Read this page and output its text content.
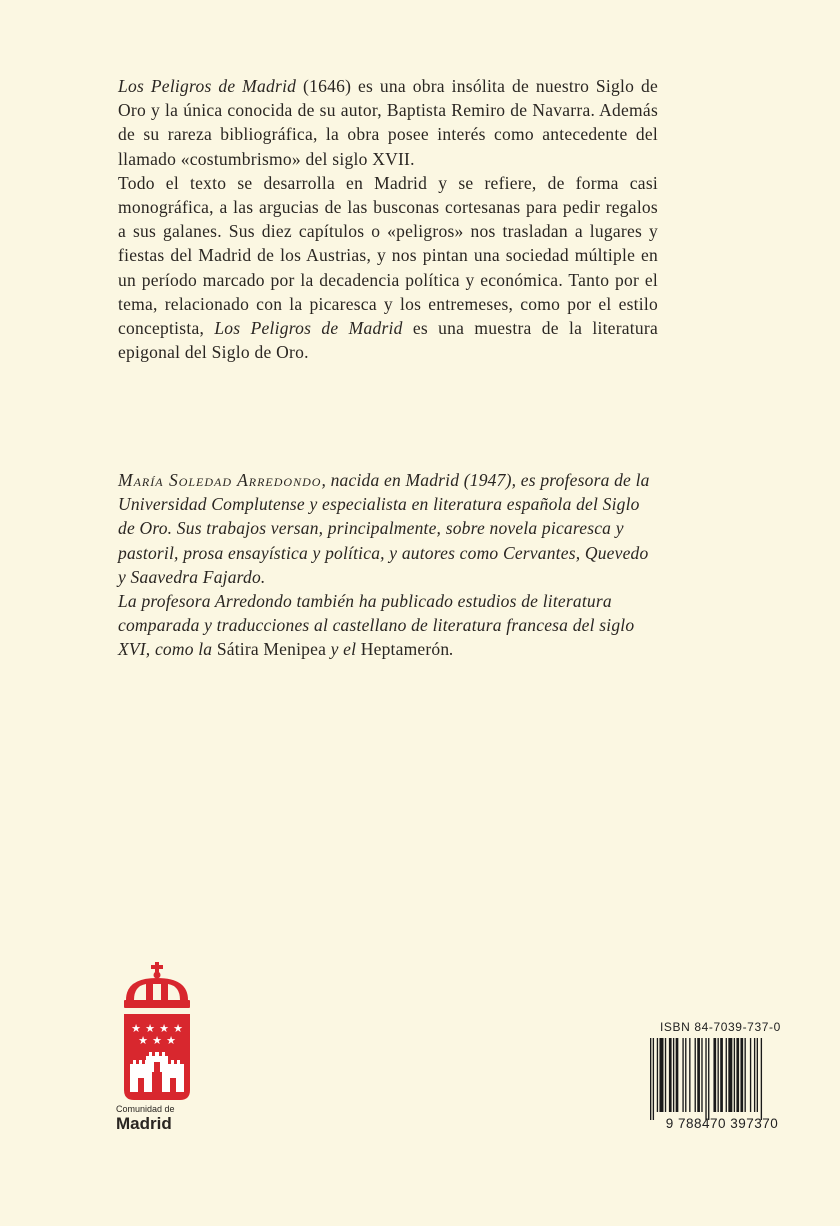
Los Peligros de Madrid (1646) es una obra insólita de nuestro Siglo de Oro y la única conocida de su autor, Baptista Remiro de Navarra. Además de su rareza bibliográfica, la obra posee interés como antecedente del llamado «costumbrismo» del siglo XVII.

Todo el texto se desarrolla en Madrid y se refiere, de forma casi monográfica, a las argucias de las busconas cortesanas para pedir regalos a sus galanes. Sus diez capítulos o «peligros» nos trasladan a lugares y fiestas del Madrid de los Austrias, y nos pintan una sociedad múltiple en un período marcado por la decadencia política y económica. Tanto por el tema, relacionado con la picaresca y los entremeses, como por el estilo conceptista, Los Peligros de Madrid es una muestra de la literatura epigonal del Siglo de Oro.

María Soledad Arredondo, nacida en Madrid (1947), es profesora de la Universidad Complutense y especialista en literatura española del Siglo de Oro. Sus trabajos versan, principalmente, sobre novela picaresca y pastoril, prosa ensayística y política, y autores como Cervantes, Quevedo y Saavedra Fajardo.

La profesora Arredondo también ha publicado estudios de literatura comparada y traducciones al castellano de literatura francesa del siglo XVI, como la Sátira Menipea y el Heptamerón.

★ ★ ★ ★
★ ★ ★
Comunidad de
Madrid
ISBN 84-7039-737-0
9 788470 397370
